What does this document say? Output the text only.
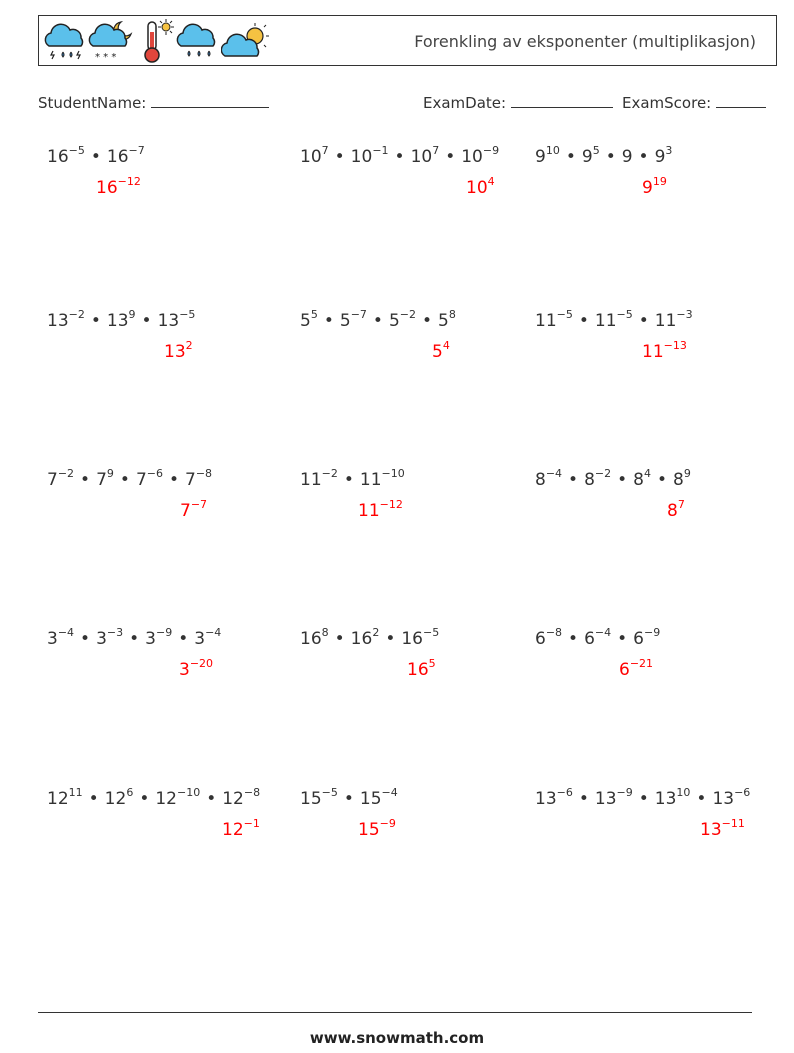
* * *
Forenkling av eksponenter (multiplikasjon)
StudentName:	ExamDate:	ExamScore:
$16^{-5}$ • $16^{-7}$
$16^{-12}$
$10^7$ • $10^{-1}$ • $10^7$ • $10^{-9}$
$10^4$
$9^{10}$ • $9^5$ • 9 • $9^3$
$9^{19}$
$13^{-2}$ • $13^9$ • $13^{-5}$
$13^2$
$5^5$ • $5^{-7}$ • $5^{-2}$ • $5^8$
$5^4$
$11^{-5}$ • $11^{-5}$ • $11^{-3}$
$11^{-13}$
$7^{-2}$ • $7^9$ • $7^{-6}$ • $7^{-8}$
$7^{-7}$
$11^{-2}$ • $11^{-10}$
$11^{-12}$
$8^{-4}$ • $8^{-2}$ • $8^4$ • $8^9$
$8^7$
$3^{-4}$ • $3^{-3}$ • $3^{-9}$ • $3^{-4}$
$3^{-20}$
$16^8$ • $16^2$ • $16^{-5}$
$16^5$
$6^{-8}$ • $6^{-4}$ • $6^{-9}$
$6^{-21}$
$12^{11}$ • $12^6$ • $12^{-10}$ • $12^{-8}$
$12^{-1}$
$15^{-5}$ • $15^{-4}$
$15^{-9}$
$13^{-6}$ • $13^{-9}$ • $13^{10}$ • $13^{-6}$
$13^{-11}$
www.snowmath.com
